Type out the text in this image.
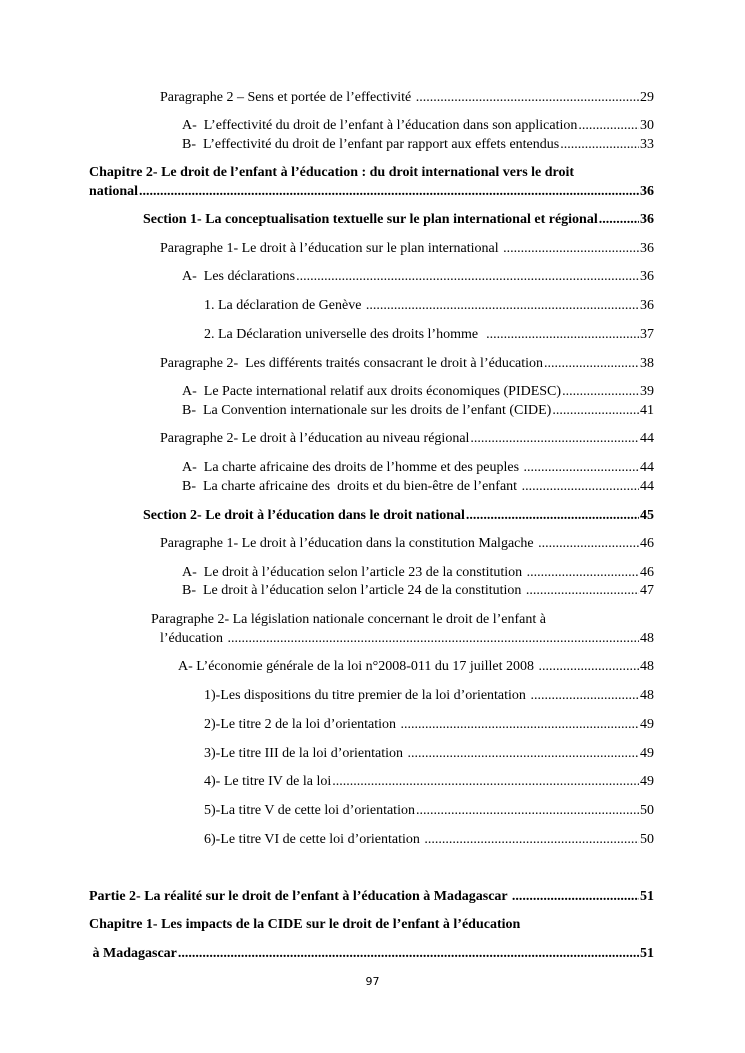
Paragraphe 2 – Sens et portée de l’effectivité .....	29
A-  L’effectivité du droit de l’enfant à l’éducation dans son application .....	30
B-  L’effectivité du droit de l’enfant par rapport aux effets entendus .....	33
Chapitre 2- Le droit de l’enfant à l’éducation : du droit international vers le droit
national .....	36
Section 1- La conceptualisation textuelle sur le plan international et régional .....	36
Paragraphe 1- Le droit à l’éducation sur le plan international .....	36
A-  Les déclarations .....	36
1. La déclaration de Genève .....	36
2. La Déclaration universelle des droits l’homme .....	37
Paragraphe 2-  Les différents traités consacrant le droit à l’éducation .....	38
A-  Le Pacte international relatif aux droits économiques (PIDESC) .....	39
B-  La Convention internationale sur les droits de l’enfant (CIDE) .....	41
Paragraphe 2- Le droit à l’éducation au niveau régional .....	44
A-  La charte africaine des droits de l’homme et des peuples .....	44
B-  La charte africaine des  droits et du bien-être de l’enfant .....	44
Section 2- Le droit à l’éducation dans le droit national .....	45
Paragraphe 1- Le droit à l’éducation dans la constitution Malgache .....	46
A-  Le droit à l’éducation selon l’article 23 de la constitution .....	46
B-  Le droit à l’éducation selon l’article 24 de la constitution .....	47
Paragraphe 2- La législation nationale concernant le droit de l’enfant à
l’éducation .....	48
A- L’économie générale de la loi n°2008-011 du 17 juillet 2008 .....	48
1)-Les dispositions du titre premier de la loi d’orientation .....	48
2)-Le titre 2 de la loi d’orientation .....	49
3)-Le titre III de la loi d’orientation .....	49
4)- Le titre IV de la loi .....	49
5)-La titre V de cette loi d’orientation .....	50
6)-Le titre VI de cette loi d’orientation .....	50
Partie 2- La réalité sur le droit de l’enfant à l’éducation à Madagascar .....	51
Chapitre 1- Les impacts de la CIDE sur le droit de l’enfant à l’éducation
à Madagascar .....	51
97
